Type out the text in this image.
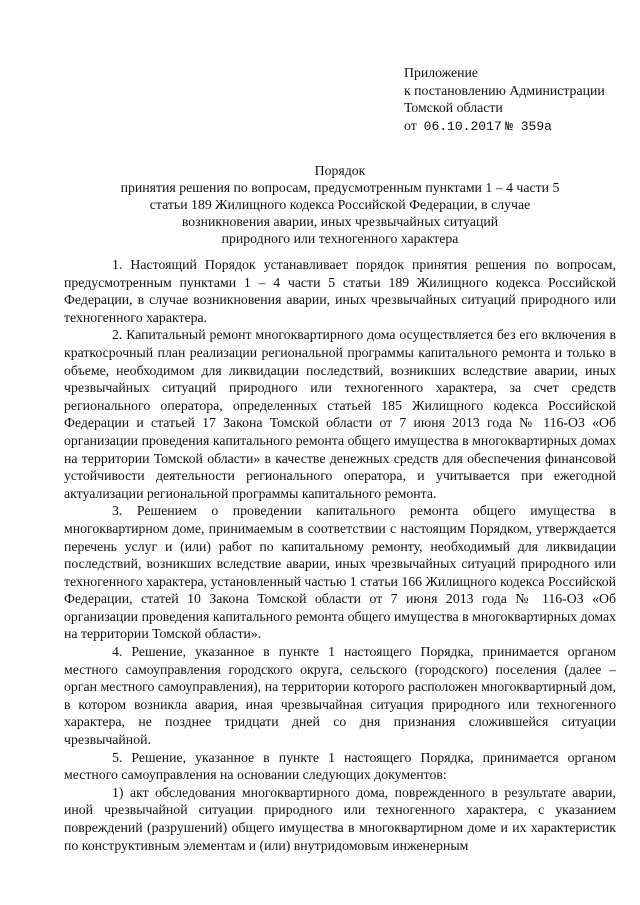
Приложение
к постановлению Администрации
Томской области
от 06.10.2017 № 359а
Порядок
принятия решения по вопросам, предусмотренным пунктами 1 – 4 части 5
статьи 189 Жилищного кодекса Российской Федерации, в случае
возникновения аварии, иных чрезвычайных ситуаций
природного или техногенного характера

1. Настоящий Порядок устанавливает порядок принятия решения по вопросам, предусмотренным пунктами 1 – 4 части 5 статьи 189 Жилищного кодекса Российской Федерации, в случае возникновения аварии, иных чрезвычайных ситуаций природного или техногенного характера.

2. Капитальный ремонт многоквартирного дома осуществляется без его включения в краткосрочный план реализации региональной программы капитального ремонта и только в объеме, необходимом для ликвидации последствий, возникших вследствие аварии, иных чрезвычайных ситуаций природного или техногенного характера, за счет средств регионального оператора, определенных статьей 185 Жилищного кодекса Российской Федерации и статьей 17 Закона Томской области от 7 июня 2013 года № 116-ОЗ «Об организации проведения капитального ремонта общего имущества в многоквартирных домах на территории Томской области» в качестве денежных средств для обеспечения финансовой устойчивости деятельности регионального оператора, и учитывается при ежегодной актуализации региональной программы капитального ремонта.

3. Решением о проведении капитального ремонта общего имущества в многоквартирном доме, принимаемым в соответствии с настоящим Порядком, утверждается перечень услуг и (или) работ по капитальному ремонту, необходимый для ликвидации последствий, возникших вследствие аварии, иных чрезвычайных ситуаций природного или техногенного характера, установленный частью 1 статьи 166 Жилищного кодекса Российской Федерации, статей 10 Закона Томской области от 7 июня 2013 года № 116-ОЗ «Об организации проведения капитального ремонта общего имущества в многоквартирных домах на территории Томской области».

4. Решение, указанное в пункте 1 настоящего Порядка, принимается органом местного самоуправления городского округа, сельского (городского) поселения (далее – орган местного самоуправления), на территории которого расположен многоквартирный дом, в котором возникла авария, иная чрезвычайная ситуация природного или техногенного характера, не позднее тридцати дней со дня признания сложившейся ситуации чрезвычайной.

5. Решение, указанное в пункте 1 настоящего Порядка, принимается органом местного самоуправления на основании следующих документов:

1) акт обследования многоквартирного дома, поврежденного в результате аварии, иной чрезвычайной ситуации природного или техногенного характера, с указанием повреждений (разрушений) общего имущества в многоквартирном доме и их характеристик по конструктивным элементам и (или) внутридомовым инженерным
